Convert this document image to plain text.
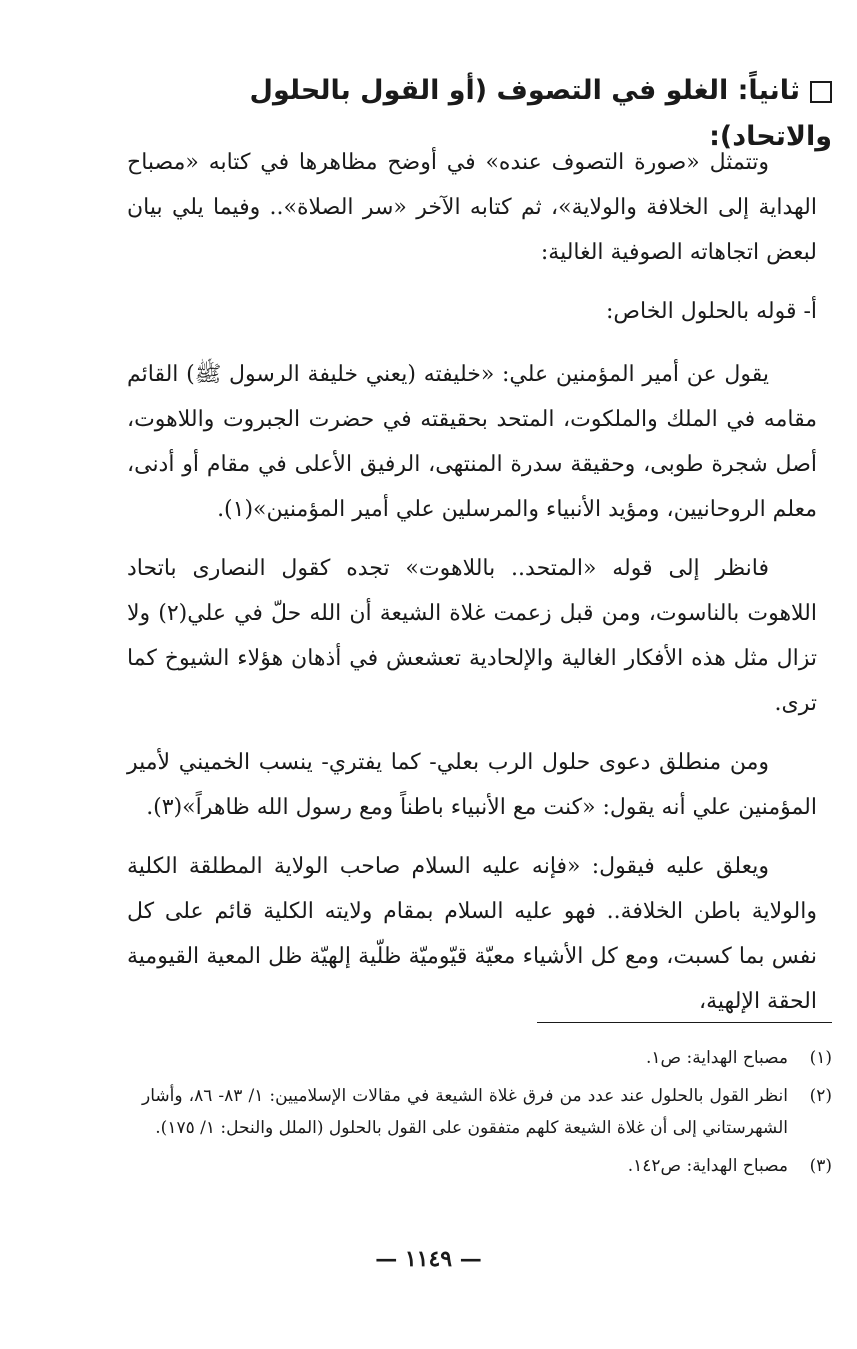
ثانياً: الغلو في التصوف (أو القول بالحلول والاتحاد):

وتتمثل «صورة التصوف عنده» في أوضح مظاهرها في كتابه «مصباح الهداية إلى الخلافة والولاية»، ثم كتابه الآخر «سر الصلاة».. وفيما يلي بيان لبعض اتجاهاته الصوفية الغالية:

أ- قوله بالحلول الخاص:

يقول عن أمير المؤمنين علي: «خليفته (يعني خليفة الرسول ﷺ) القائم مقامه في الملك والملكوت، المتحد بحقيقته في حضرت الجبروت واللاهوت، أصل شجرة طوبى، وحقيقة سدرة المنتهى، الرفيق الأعلى في مقام أو أدنى، معلم الروحانيين، ومؤيد الأنبياء والمرسلين علي أمير المؤمنين»(١).

فانظر إلى قوله «المتحد.. باللاهوت» تجده كقول النصارى باتحاد اللاهوت بالناسوت، ومن قبل زعمت غلاة الشيعة أن الله حلّ في علي(٢) ولا تزال مثل هذه الأفكار الغالية والإلحادية تعشعش في أذهان هؤلاء الشيوخ كما ترى.

ومن منطلق دعوى حلول الرب بعلي- كما يفتري- ينسب الخميني لأمير المؤمنين علي أنه يقول: «كنت مع الأنبياء باطناً ومع رسول الله ظاهراً»(٣).

ويعلق عليه فيقول: «فإنه عليه السلام صاحب الولاية المطلقة الكلية والولاية باطن الخلافة.. فهو عليه السلام بمقام ولايته الكلية قائم على كل نفس بما كسبت، ومع كل الأشياء معيّة قيّوميّة ظلّية إلهيّة ظل المعية القيومية الحقة الإلهية،

(١)
مصباح الهداية: ص١.
(٢)
انظر القول بالحلول عند عدد من فرق غلاة الشيعة في مقالات الإسلاميين: ١/ ٨٣- ٨٦، وأشار الشهرستاني إلى أن غلاة الشيعة كلهم متفقون على القول بالحلول (الملل والنحل: ١/ ١٧٥).
(٣)
مصباح الهداية: ص١٤٢.
— ١١٤٩ —
